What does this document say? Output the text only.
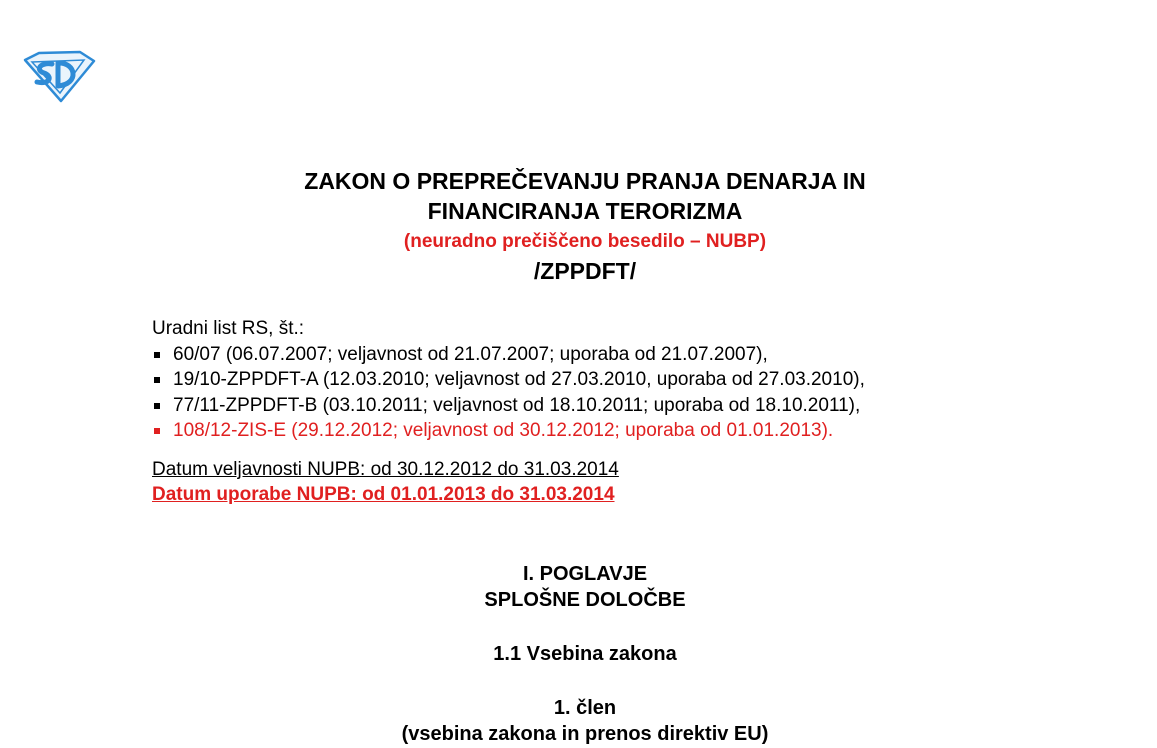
ZAKON O PREPREČEVANJU PRANJA DENARJA IN
FINANCIRANJA TERORIZMA
(neuradno prečiščeno besedilo – NUBP)
/ZPPDFT/
Uradni list RS, št.:
60/07 (06.07.2007; veljavnost od 21.07.2007; uporaba od 21.07.2007),
19/10-ZPPDFT-A (12.03.2010; veljavnost od 27.03.2010, uporaba od 27.03.2010),
77/11-ZPPDFT-B (03.10.2011; veljavnost od 18.10.2011; uporaba od 18.10.2011),
108/12-ZIS-E (29.12.2012; veljavnost od 30.12.2012; uporaba od 01.01.2013).
Datum veljavnosti NUPB: od 30.12.2012 do 31.03.2014
Datum uporabe NUPB: od 01.01.2013 do 31.03.2014
I. POGLAVJE
SPLOŠNE DOLOČBE
1.1 Vsebina zakona
1. člen
(vsebina zakona in prenos direktiv EU)
